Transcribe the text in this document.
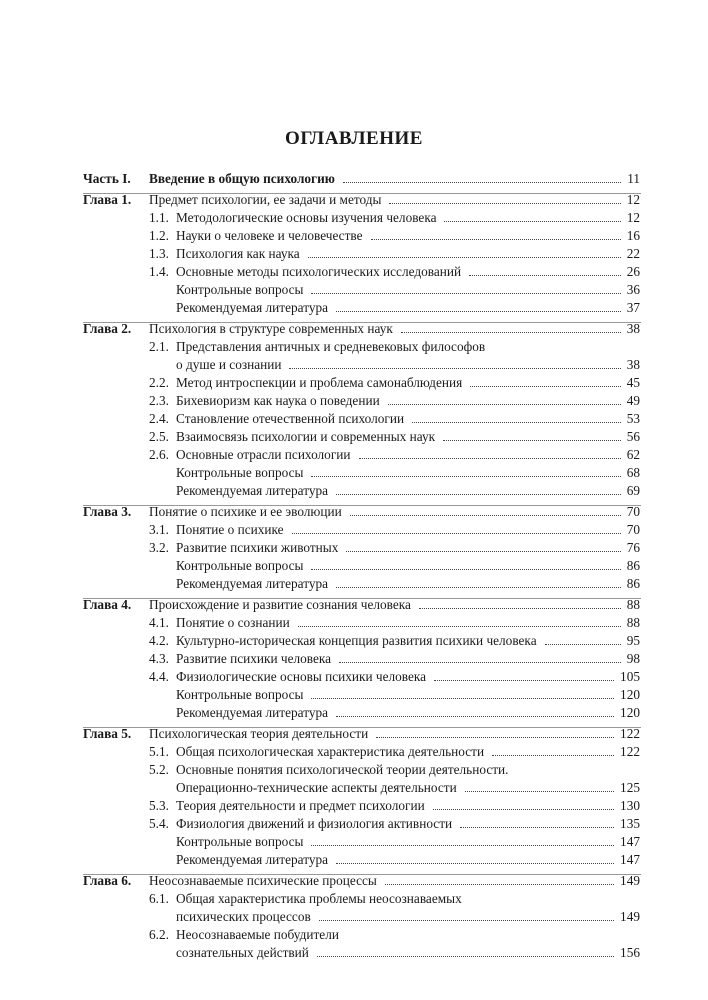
ОГЛАВЛЕНИЕ
Часть I. Введение в общую психологию	11
Глава 1. Предмет психологии, ее задачи и методы	12
1.1. Методологические основы изучения человека	12
1.2. Науки о человеке и человечестве	16
1.3. Психология как наука	22
1.4. Основные методы психологических исследований	26
Контрольные вопросы	36
Рекомендуемая литература	37
Глава 2. Психология в структуре современных наук	38
2.1. Представления античных и средневековых философов
о душе и сознании	38
2.2. Метод интроспекции и проблема самонаблюдения	45
2.3. Бихевиоризм как наука о поведении	49
2.4. Становление отечественной психологии	53
2.5. Взаимосвязь психологии и современных наук	56
2.6. Основные отрасли психологии	62
Контрольные вопросы	68
Рекомендуемая литература	69
Глава 3. Понятие о психике и ее эволюции	70
3.1. Понятие о психике	70
3.2. Развитие психики животных	76
Контрольные вопросы	86
Рекомендуемая литература	86
Глава 4. Происхождение и развитие сознания человека	88
4.1. Понятие о сознании	88
4.2. Культурно-историческая концепция развития психики человека	95
4.3. Развитие психики человека	98
4.4. Физиологические основы психики человека	105
Контрольные вопросы	120
Рекомендуемая литература	120
Глава 5. Психологическая теория деятельности	122
5.1. Общая психологическая характеристика деятельности	122
5.2. Основные понятия психологической теории деятельности.
Операционно-технические аспекты деятельности	125
5.3. Теория деятельности и предмет психологии	130
5.4. Физиология движений и физиология активности	135
Контрольные вопросы	147
Рекомендуемая литература	147
Глава 6. Неосознаваемые психические процессы	149
6.1. Общая характеристика проблемы неосознаваемых
психических процессов	149
6.2. Неосознаваемые побудители
сознательных действий	156
